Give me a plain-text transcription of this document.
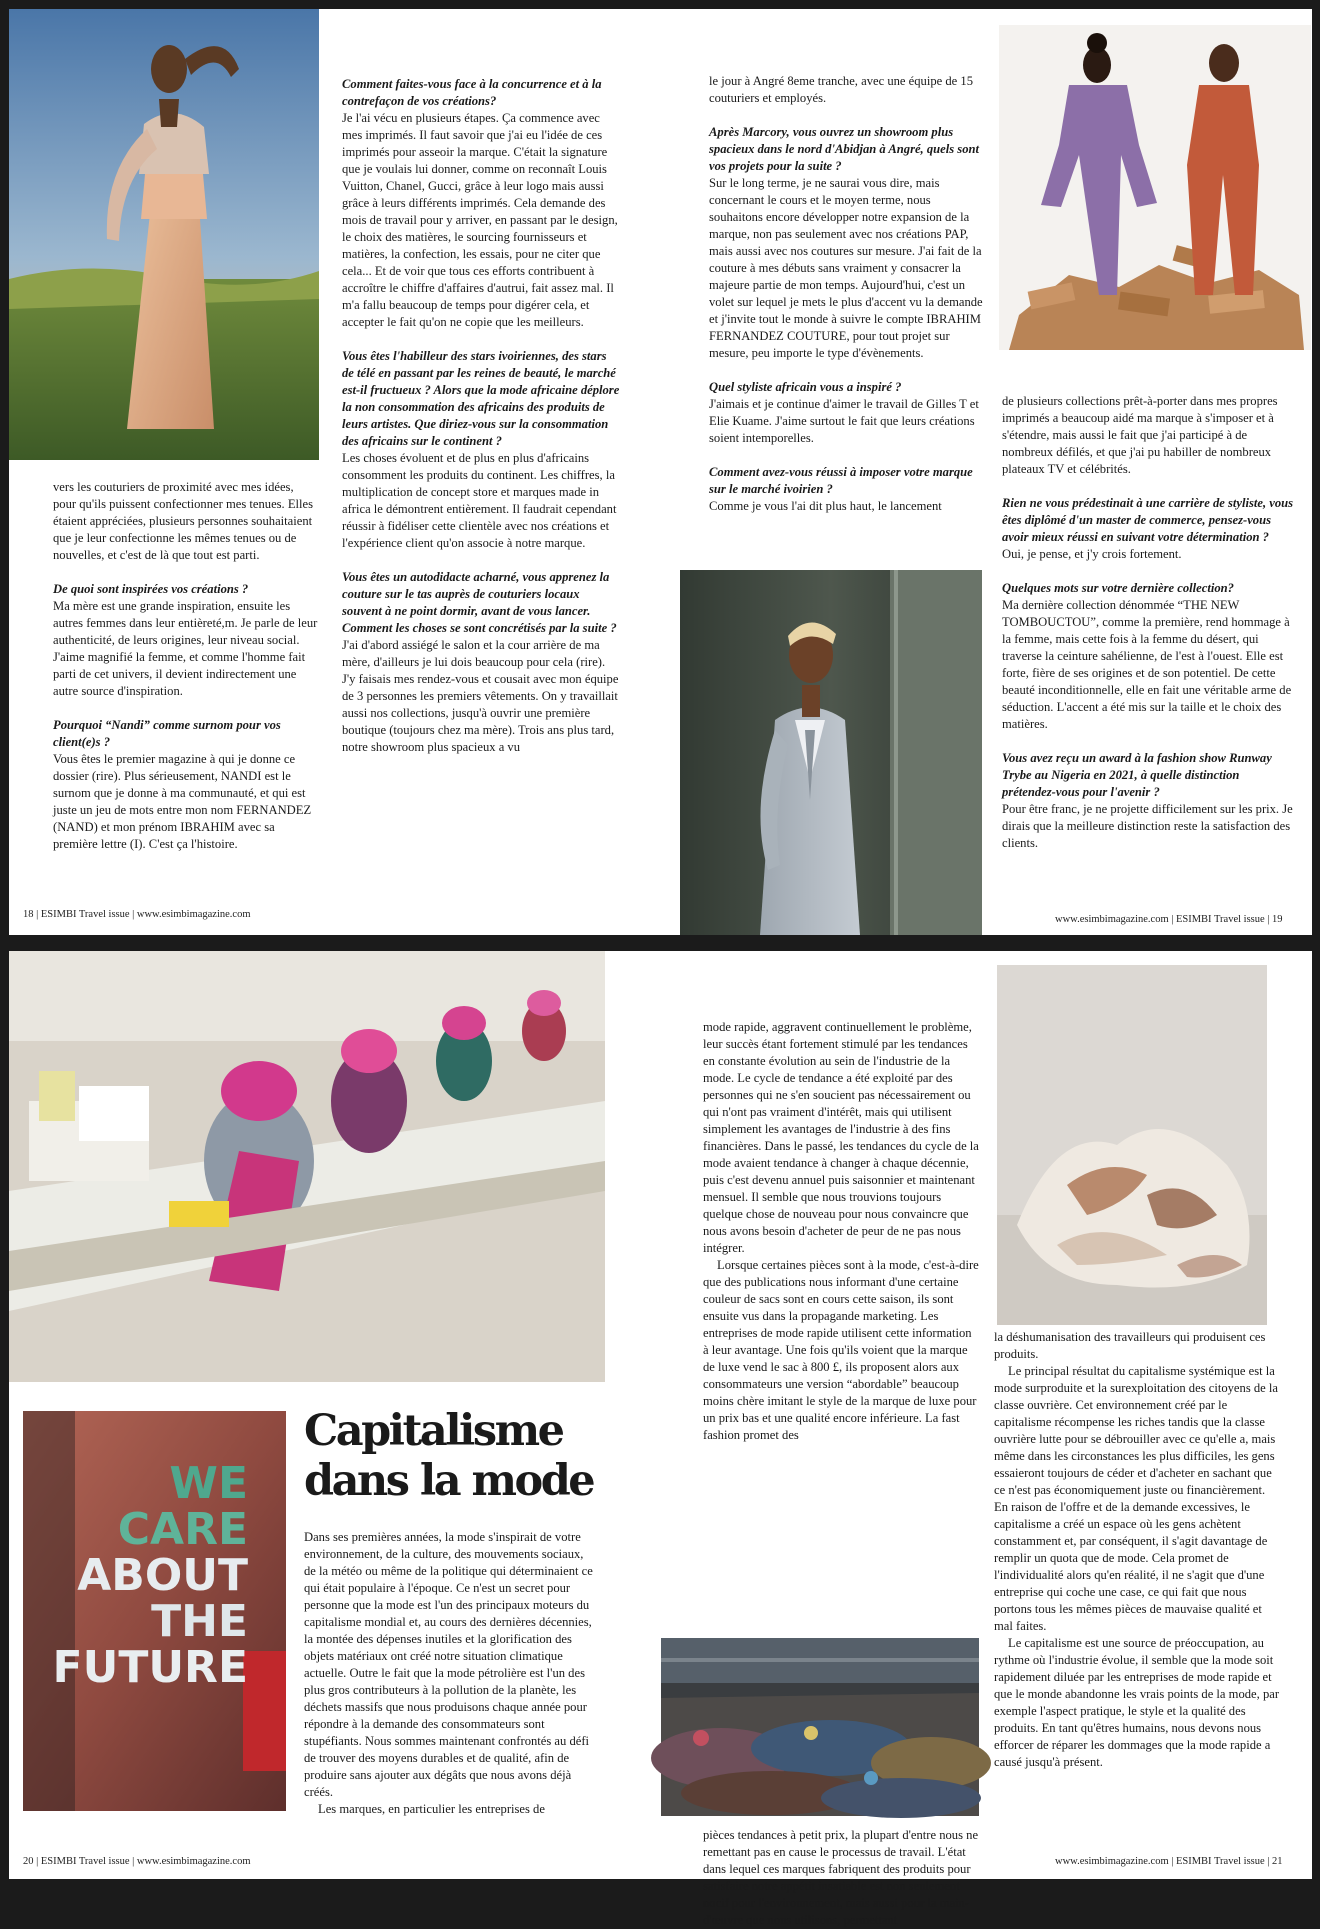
vers les couturiers de proximité avec mes idées, pour qu'ils puissent confectionner mes tenues. Elles étaient appréciées, plusieurs personnes souhaitaient que je leur confectionne les mêmes tenues ou de nouvelles, et c'est de là que tout est parti.

De quoi sont inspirées vos créations ?
Ma mère est une grande inspiration, ensuite les autres femmes dans leur entièreté,m. Je parle de leur authenticité, de leurs origines, leur niveau social. J'aime magnifié la femme, et comme l'homme fait parti de cet univers, il devient indirectement une autre source d'inspiration.

Pourquoi “Nandi” comme surnom pour vos client(e)s ?
Vous êtes le premier magazine à qui je donne ce dossier (rire). Plus sérieusement, NANDI est le surnom que je donne à ma communauté, et qui est juste un jeu de mots entre mon nom FERNANDEZ (NAND) et mon prénom IBRAHIM avec sa première lettre (I). C'est ça l'histoire.

Comment faites-vous face à la concurrence et à la contrefaçon de vos créations?
Je l'ai vécu en plusieurs étapes. Ça commence avec mes imprimés. Il faut savoir que j'ai eu l'idée de ces imprimés pour asseoir la marque. C'était la signature que je voulais lui donner, comme on reconnaît Louis Vuitton, Chanel, Gucci, grâce à leur logo mais aussi grâce à leurs différents imprimés. Cela demande des mois de travail pour y arriver, en passant par le design, le choix des matières, le sourcing fournisseurs et matières, la confection, les essais, pour ne citer que cela... Et de voir que tous ces efforts contribuent à accroître le chiffre d'affaires d'autrui, fait assez mal. Il m'a fallu beaucoup de temps pour digérer cela, et accepter le fait qu'on ne copie que les meilleurs.

Vous êtes l'habilleur des stars ivoiriennes, des stars de télé en passant par les reines de beauté, le marché est-il fructueux ? Alors que la mode africaine déplore la non consommation des africains des produits de leurs artistes. Que diriez-vous sur la consommation des africains sur le continent ?
Les choses évoluent et de plus en plus d'africains consomment les produits du continent. Les chiffres, la multiplication de concept store et marques made in africa le démontrent entièrement. Il faudrait cependant réussir à fidéliser cette clientèle avec nos créations et l'expérience client qu'on associe à notre marque.

Vous êtes un autodidacte acharné, vous apprenez la couture sur le tas auprès de couturiers locaux souvent à ne point dormir, avant de vous lancer. Comment les choses se sont concrétisés par la suite ?
J'ai d'abord assiégé le salon et la cour arrière de ma mère, d'ailleurs je lui dois beaucoup pour cela (rire). J'y faisais mes rendez-vous et cousait avec mon équipe de 3 personnes les premiers vêtements. On y travaillait aussi nos collections, jusqu'à ouvrir une première boutique (toujours chez ma mère). Trois ans plus tard, notre showroom plus spacieux a vu

18 | ESIMBI Travel issue | www.esimbimagazine.com

le jour à Angré 8eme tranche, avec une équipe de 15 couturiers et employés.

Après Marcory, vous ouvrez un showroom plus spacieux dans le nord d'Abidjan à Angré, quels sont vos projets pour la suite ?
Sur le long terme, je ne saurai vous dire, mais concernant le cours et le moyen terme, nous souhaitons encore développer notre expansion de la marque, non pas seulement avec nos créations PAP, mais aussi avec nos coutures sur mesure. J'ai fait de la couture à mes débuts sans vraiment y consacrer la majeure partie de mon temps. Aujourd'hui, c'est un volet sur lequel je mets le plus d'accent vu la demande et j'invite tout le monde à suivre le compte IBRAHIM FERNANDEZ COUTURE, pour tout projet sur mesure, peu importe le type d'évènements.

Quel styliste africain vous a inspiré ?
J'aimais et je continue d'aimer le travail de Gilles T et Elie Kuame. J'aime surtout le fait que leurs créations soient intemporelles.

Comment avez-vous réussi à imposer votre marque sur le marché ivoirien ?
Comme je vous l'ai dit plus haut, le lancement

de plusieurs collections prêt-à-porter dans mes propres imprimés a beaucoup aidé ma marque à s'imposer et à s'étendre, mais aussi le fait que j'ai participé à de nombreux défilés, et que j'ai pu habiller de nombreux plateaux TV et célébrités.

Rien ne vous prédestinait à une carrière de styliste, vous êtes diplômé d'un master de commerce, pensez-vous avoir mieux réussi en suivant votre détermination ?
Oui, je pense, et j'y crois fortement.

Quelques mots sur votre dernière collection?
Ma dernière collection dénommée “THE NEW TOMBOUCTOU”, comme la première, rend hommage à la femme, mais cette fois à la femme du désert, qui traverse la ceinture sahélienne, de l'est à l'ouest. Elle est forte, fière de ses origines et de son potentiel. De cette beauté inconditionnelle, elle en fait une véritable arme de séduction. L'accent a été mis sur la taille et le choix des matières.

Vous avez reçu un award à la fashion show Runway Trybe au Nigeria en 2021, à quelle distinction prétendez-vous pour l'avenir ?
Pour être franc, je ne projette difficilement sur les prix. Je dirais que la meilleure distinction reste la satisfaction des clients.

www.esimbimagazine.com | ESIMBI Travel issue | 19
WE
CARE
ABOUT
THE
FUTURE
Capitalisme
dans la mode

Dans ses premières années, la mode s'inspirait de votre environnement, de la culture, des mouvements sociaux, de la météo ou même de la politique qui déterminaient ce qui était populaire à l'époque. Ce n'est un secret pour personne que la mode est l'un des principaux moteurs du capitalisme mondial et, au cours des dernières décennies, la montée des dépenses inutiles et la glorification des objets matériaux ont créé notre situation climatique actuelle. Outre le fait que la mode pétrolière est l'un des plus gros contributeurs à la pollution de la planète, les déchets massifs que nous produisons chaque année pour répondre à la demande des consommateurs sont stupéfiants. Nous sommes maintenant confrontés au défi de trouver des moyens durables et de qualité, afin de produire sans ajouter aux dégâts que nous avons déjà créés.

Les marques, en particulier les entreprises de

20 | ESIMBI Travel issue | www.esimbimagazine.com

mode rapide, aggravent continuellement le problème, leur succès étant fortement stimulé par les tendances en constante évolution au sein de l'industrie de la mode. Le cycle de tendance a été exploité par des personnes qui ne s'en soucient pas nécessairement ou qui n'ont pas vraiment d'intérêt, mais qui utilisent simplement les avantages de l'industrie à des fins financières. Dans le passé, les tendances du cycle de la mode avaient tendance à changer à chaque décennie, puis c'est devenu annuel puis saisonnier et maintenant mensuel. Il semble que nous trouvions toujours quelque chose de nouveau pour nous convaincre que nous avons besoin d'acheter de peur de ne pas nous intégrer.

Lorsque certaines pièces sont à la mode, c'est-à-dire que des publications nous informant d'une certaine couleur de sacs sont en cours cette saison, ils sont ensuite vus dans la propagande marketing. Les entreprises de mode rapide utilisent cette information à leur avantage. Une fois qu'ils voient que la marque de luxe vend le sac à 800 £, ils proposent alors aux consommateurs une version “abordable” beaucoup moins chère imitant le style de la marque de luxe pour un prix bas et une qualité encore inférieure. La fast fashion promet des

pièces tendances à petit prix, la plupart d'entre nous ne remettant pas en cause le processus de travail. L'état dans lequel ces marques fabriquent des produits pour satisfaire notre appétit insatiable est non seulement nocif pour l'environnement, mais aussi pour la main-d'œuvre que nous utilisons, permettant

la déshumanisation des travailleurs qui produisent ces produits.

Le principal résultat du capitalisme systémique est la mode surproduite et la surexploitation des citoyens de la classe ouvrière. Cet environnement créé par le capitalisme récompense les riches tandis que la classe ouvrière lutte pour se débrouiller avec ce qu'elle a, mais même dans les circonstances les plus difficiles, les gens essaieront toujours de céder et d'acheter en sachant que ce n'est pas économiquement juste ou financièrement. En raison de l'offre et de la demande excessives, le capitalisme a créé un espace où les gens achètent constamment et, par conséquent, il s'agit davantage de remplir un quota que de mode. Cela promet de l'individualité alors qu'en réalité, il ne s'agit que d'une entreprise qui coche une case, ce qui fait que nous portons tous les mêmes pièces de mauvaise qualité et mal faites.

Le capitalisme est une source de préoccupation, au rythme où l'industrie évolue, il semble que la mode soit rapidement diluée par les entreprises de mode rapide et que le monde abandonne les vrais points de la mode, par exemple l'aspect pratique, le style et la qualité des produits. En tant qu'êtres humains, nous devons nous efforcer de réparer les dommages que la mode rapide a causé jusqu'à présent.

www.esimbimagazine.com | ESIMBI Travel issue | 21
